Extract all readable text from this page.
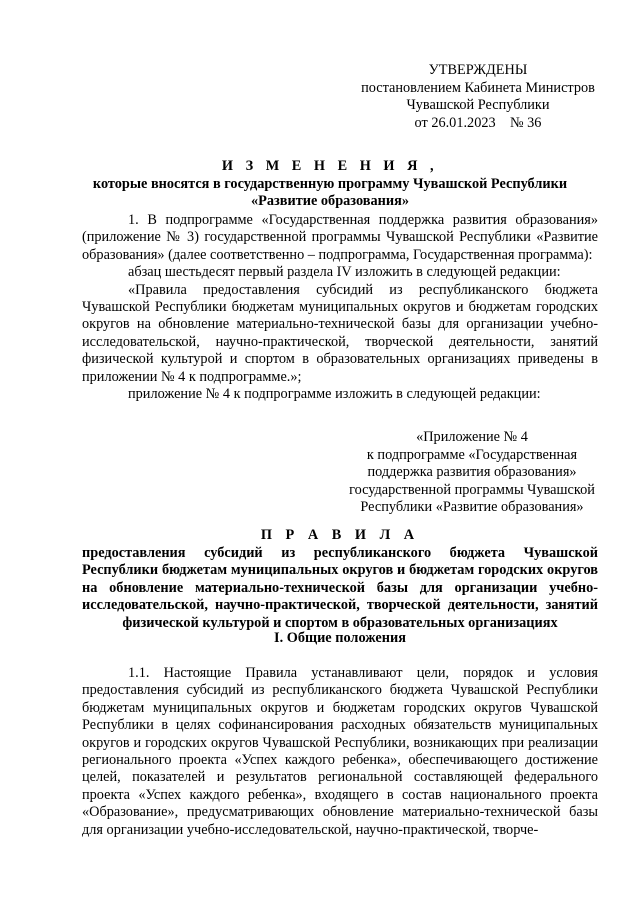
УТВЕРЖДЕНЫ
постановлением Кабинета Министров
Чувашской Республики
от 26.01.2023    № 36
И З М Е Н Е Н И Я ,
которые вносятся в государственную программу Чувашской Республики
«Развитие образования»

1. В подпрограмме «Государственная поддержка развития образования» (приложение № 3) государственной программы Чувашской Республики «Развитие образования» (далее соответственно – подпрограмма, Государственная программа):

абзац шестьдесят первый раздела IV изложить в следующей редакции:

«Правила предоставления субсидий из республиканского бюджета Чувашской Республики бюджетам муниципальных округов и бюджетам городских округов на обновление материально-технической базы для организации учебно-исследовательской, научно-практической, творческой деятельности, занятий физической культурой и спортом в образовательных организациях приведены в приложении № 4 к подпрограмме.»;

приложение № 4 к подпрограмме изложить в следующей редакции:

«Приложение № 4
к подпрограмме «Государственная
поддержка развития образования»
государственной программы Чувашской
Республики «Развитие образования»
П Р А В И Л А
предоставления субсидий из республиканского бюджета Чувашской Республики бюджетам муниципальных округов и бюджетам городских округов на обновление материально-технической базы для организации учебно-исследовательской, научно-практической, творческой деятельности, занятий физической культурой и спортом в образовательных организациях
I. Общие положения

1.1. Настоящие Правила устанавливают цели, порядок и условия предоставления субсидий из республиканского бюджета Чувашской Республики бюджетам муниципальных округов и бюджетам городских округов Чувашской Республики в целях софинансирования расходных обязательств муниципальных округов и городских округов Чувашской Республики, возникающих при реализации регионального проекта «Успех каждого ребенка», обеспечивающего достижение целей, показателей и результатов региональной составляющей федерального проекта «Успех каждого ребенка», входящего в состав национального проекта «Образование», предусматривающих обновление материально-технической базы для организации учебно-исследовательской, научно-практической, творче-
